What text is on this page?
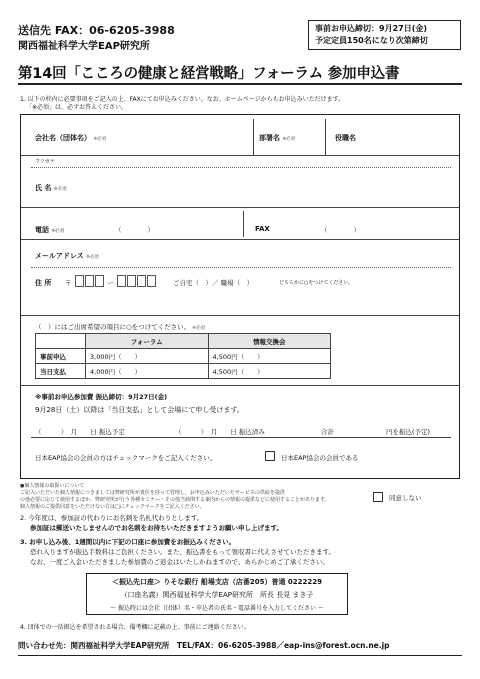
送信先 FAX：06-6205-3988
関西福祉科学大学EAP研究所
事前お申込締切：9月27日(金)
予定定員150名になり次第締切
第14回「こころの健康と経営戦略」フォーラム 参加申込書
1. 以下の枠内に必要事項をご記入の上、FAXにてお申込みください。なお、ホームページからもお申込みいただけます。
「※必須」は、必ずお答えください。
会社名（団体名） ※必須	部署名 ※必須	役職名
フリガナ
氏 名 ※必須
電話 ※必須	（　　　　）	FAX	（　　　　）
メールアドレス ※必須
住 所 〒	ー	ご自宅（　）／ 職場（　）	どちらかに○をつけてください。
（　）にはご出席希望の項目に○をつけてください。 ※必須
	フォーラム	情報交換会
事前申込	3,000円（　　）	4,500円（　　）
当日支払	4,000円（　　）	4,500円（　　）
※事前お申込参加費 振込締切：9月27日(金)
9月28日（土）以降は「当日支払」として会場にて申し受けます。
（　　　）　月　　日 振込予定	（　　　）　月　　日 振込済み	合計　　　　　　　　円を振込(予定)
日本EAP協会の会員の方はチェックマークをご記入ください。	日本EAP協会の会員である
●個人情報の取扱いについて
ご記入いただいた個人情報につきましては弊研究所が責任を持って管理し、お申込みいただいたサービスの供給を提供
の他必要に応じて使用するほか、弊研究所が行う各種セミナー・その他当該関する案内からの情報の提供などに使用することがあります。
個人情報のご提供同意をいただけない方は□にチェックマークをご記入ください。
同意しない
2. 今年度は、参加証の代わりにお名刺を名札代わりとします。
参加証は郵送いたしませんのでお名刺をお持ちいただきますようお願い申し上げます。
3. お申し込み後、1週間以内に下記の口座に参加費をお振込みください。
恐れ入りますが振込手数料はご負担ください。また、振込書をもって領収書に代えさせていただきます。
なお、一度ご入金いただきました参加費のご返金はいたしかねますので、あらかじめご了承ください。
＜振込先口座＞ りそな銀行 船場支店（店番205）普通 0222229
（口座名義）関西福祉科学大学EAP研究所　所長 長見 まき子
〜 振込時には会社（団体）名・申込者の氏名・電話番号を入力してください 〜
4. 団体での一括振込を希望される場合、備考欄に記載の上、事前にご連絡ください。
問い合わせ先：関西福祉科学大学EAP研究所　TEL/FAX：06-6205-3988／eap-ins@forest.ocn.ne.jp
